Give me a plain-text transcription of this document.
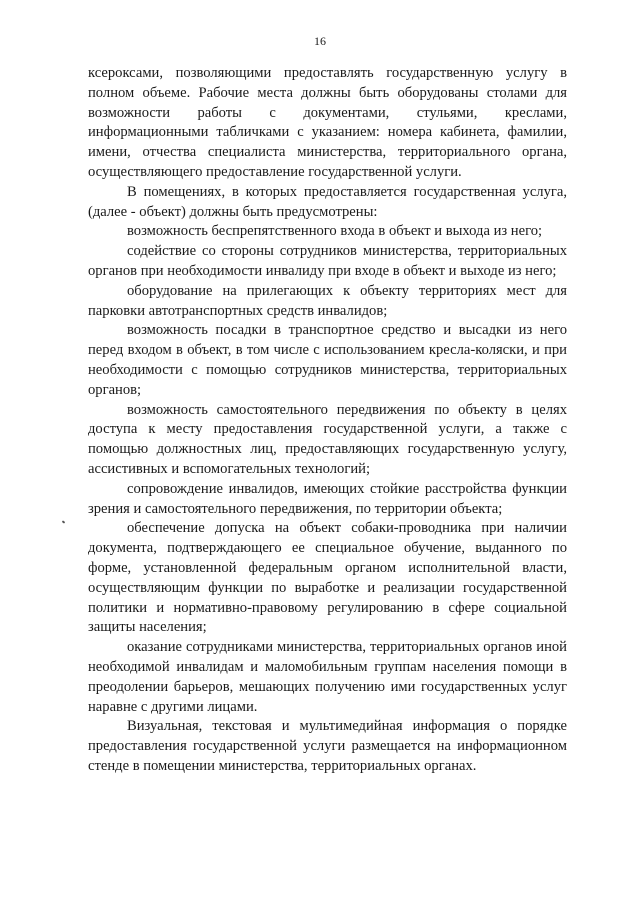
16

ксероксами, позволяющими предоставлять государственную услугу в полном объеме. Рабочие места должны быть оборудованы столами для возможности работы с документами, стульями, креслами, информационными табличками с указанием: номера кабинета, фамилии, имени, отчества специалиста министерства, территориального органа, осуществляющего предоставление государственной услуги.

В помещениях, в которых предоставляется государственная услуга, (далее - объект) должны быть предусмотрены:

возможность беспрепятственного входа в объект и выхода из него;

содействие со стороны сотрудников министерства, территориальных органов при необходимости инвалиду при входе в объект и выходе из него;

оборудование на прилегающих к объекту территориях мест для парковки автотранспортных средств инвалидов;

возможность посадки в транспортное средство и высадки из него перед входом в объект, в том числе с использованием кресла-коляски, и при необходимости с помощью сотрудников министерства, территориальных органов;

возможность самостоятельного передвижения по объекту в целях доступа к месту предоставления государственной услуги, а также с помощью должностных лиц, предоставляющих государственную услугу, ассистивных и вспомогательных технологий;

сопровождение инвалидов, имеющих стойкие расстройства функции зрения и самостоятельного передвижения, по территории объекта;

обеспечение допуска на объект собаки-проводника при наличии документа, подтверждающего ее специальное обучение, выданного по форме, установленной федеральным органом исполнительной власти, осуществляющим функции по выработке и реализации государственной политики и нормативно-правовому регулированию в сфере социальной защиты населения;

оказание сотрудниками министерства, территориальных органов иной необходимой инвалидам и маломобильным группам населения помощи в преодолении барьеров, мешающих получению ими государственных услуг наравне с другими лицами.

Визуальная, текстовая и мультимедийная информация о порядке предоставления государственной услуги размещается на информационном стенде в помещении министерства, территориальных органах.
